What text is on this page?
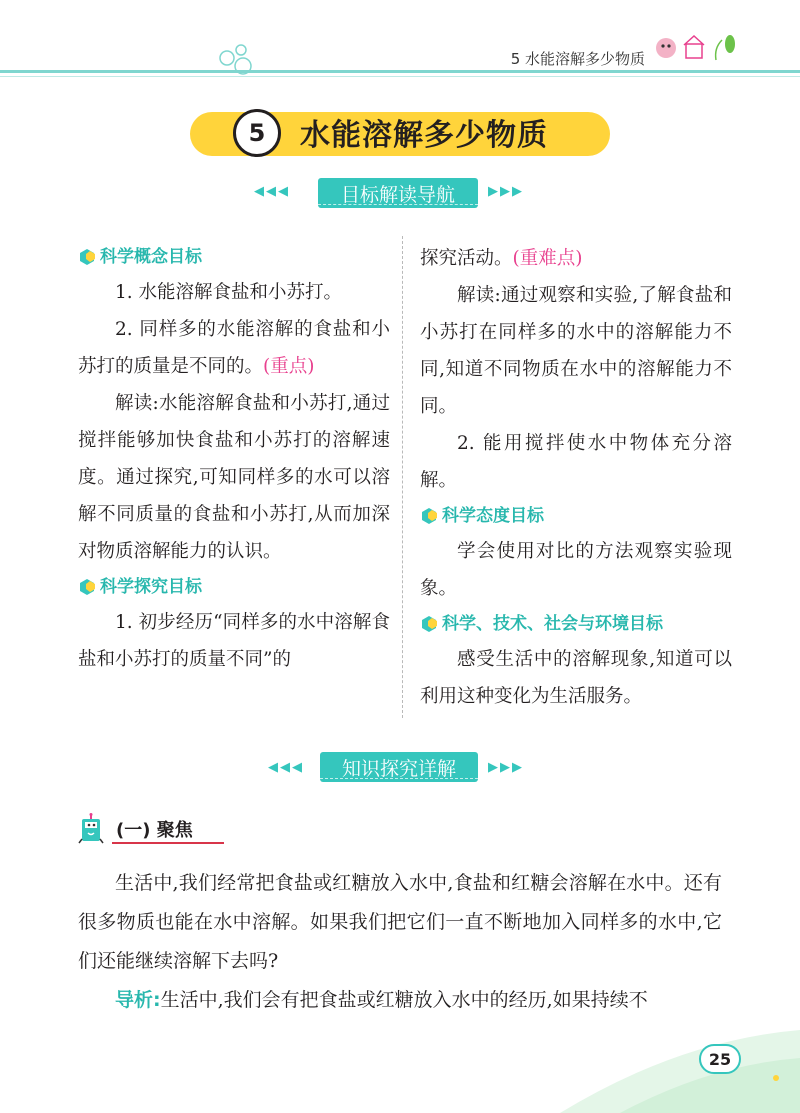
5 水能溶解多少物质
5	水能溶解多少物质
◀◀◀	目标解读导航	▶▶▶
科学概念目标

1. 水能溶解食盐和小苏打。

2. 同样多的水能溶解的食盐和小苏打的质量是不同的。(重点)

解读:水能溶解食盐和小苏打,通过搅拌能够加快食盐和小苏打的溶解速度。通过探究,可知同样多的水可以溶解不同质量的食盐和小苏打,从而加深对物质溶解能力的认识。

科学探究目标

1. 初步经历“同样多的水中溶解食盐和小苏打的质量不同”的

探究活动。(重难点)

解读:通过观察和实验,了解食盐和小苏打在同样多的水中的溶解能力不同,知道不同物质在水中的溶解能力不同。

2. 能用搅拌使水中物体充分溶解。

科学态度目标

学会使用对比的方法观察实验现象。

科学、技术、社会与环境目标

感受生活中的溶解现象,知道可以利用这种变化为生活服务。

◀◀◀ 知识探究详解 ▶▶▶
(一) 聚焦

生活中,我们经常把食盐或红糖放入水中,食盐和红糖会溶解在水中。还有很多物质也能在水中溶解。如果我们把它们一直不断地加入同样多的水中,它们还能继续溶解下去吗?

导析:生活中,我们会有把食盐或红糖放入水中的经历,如果持续不

25
